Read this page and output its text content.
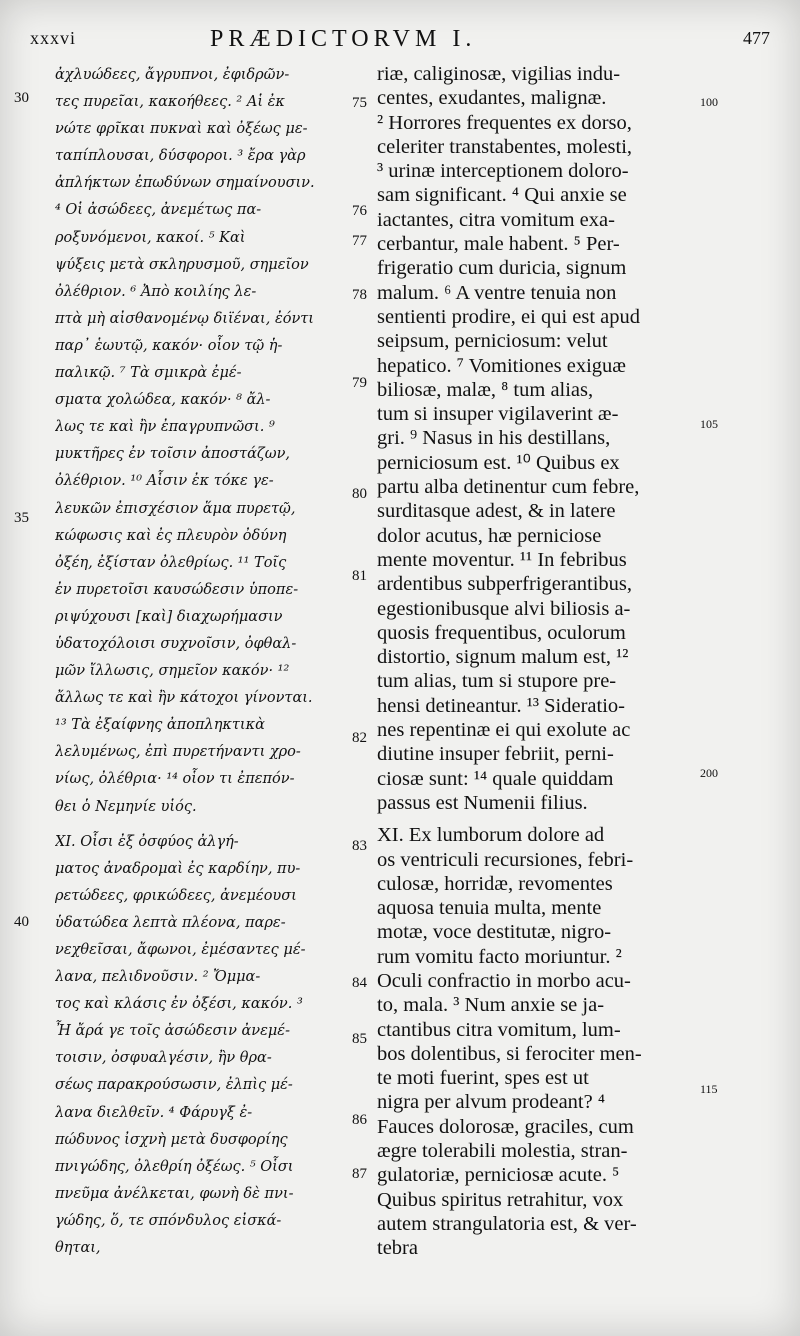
xxxvi	PRÆDICTORVM I.	477
ἀχλυώδεες, ἄγρυπνοι, ἐφιδρῶν-
τες πυρεῖαι, κακοήθεες. ² Αἱ ἐκ
νώτε φρῖκαι πυκναὶ καὶ ὀξέως με-
ταπίπλουσαι, δύσφοροι. ³ ἔρα γὰρ
ἀπλήκτων ἐπωδύνων σημαίνουσιν.
⁴ Οἱ ἀσώδεες, ἀνεμέτως πα-
ροξυνόμενοι, κακοί. ⁵ Καὶ
ψύξεις μετὰ σκληρυσμοῦ, σημεῖον
ὀλέθριον. ⁶ Ἀπὸ κοιλίης λε-
πτὰ μὴ αἰσθανομένῳ διϊέναι, ἐόντι
παρ᾽ ἑωυτῷ, κακόν· οἷον τῷ ἡ-
παλικῷ. ⁷ Τὰ σμικρὰ ἐμέ-
σματα χολώδεα, κακόν· ⁸ ἄλ-
λως τε καὶ ἢν ἐπαγρυπνῶσι. ⁹
μυκτῆρες ἐν τοῖσιν ἀποστάζων,
ὀλέθριον. ¹⁰ Αἷσιν ἐκ τόκε γε-
λευκῶν ἐπισχέσιον ἅμα πυρετῷ,
κώφωσις καὶ ἐς πλευρὸν ὀδύνη
ὀξέη, ἐξίσταν ὀλεθρίως. ¹¹ Τοῖς
ἐν πυρετοῖσι καυσώδεσιν ὑποπε-
ριψύχουσι [καὶ] διαχωρήμασιν
ὑδατοχόλοισι συχνοῖσιν, ὀφθαλ-
μῶν ἴλλωσις, σημεῖον κακόν· ¹²
ἄλλως τε καὶ ἢν κάτοχοι γίνονται.
¹³ Τὰ ἐξαίφνης ἀποπληκτικὰ
λελυμένως, ἐπὶ πυρετήναντι χρο-
νίως, ὀλέθρια· ¹⁴ οἷον τι ἐπεπόν-
θει ὁ Νεμηνίε υἱός.
XI. Οἷσι ἐξ ὀσφύος ἀλγή-
ματος ἀναδρομαὶ ἐς καρδίην, πυ-
ρετώδεες, φρικώδεες, ἀνεμέουσι
ὑδατώδεα λεπτὰ πλέονα, παρε-
νεχθεῖσαι, ἄφωνοι, ἐμέσαντες μέ-
λανα, πελιδνοῦσιν. ² Ὄμμα-
τος καὶ κλάσις ἐν ὀξέσι, κακόν. ³
Ἦ ἄρά γε τοῖς ἀσώδεσιν ἀνεμέ-
τοισιν, ὀσφυαλγέσιν, ἢν θρα-
σέως παρακρούσωσιν, ἐλπὶς μέ-
λανα διελθεῖν. ⁴ Φάρυγξ ἐ-
πώδυνος ἰσχνὴ μετὰ δυσφορίης
πνιγώδης, ὀλεθρίη ὀξέως. ⁵ Οἷσι
πνεῦμα ἀνέλκεται, φωνὴ δὲ πνι-
γώδης, ὅ, τε σπόνδυλος εἰσκά-
θηται,
riæ, caliginosæ, vigilias indu-
centes, exudantes, malignæ.
² Horrores frequentes ex dorso,
celeriter transtabentes, molesti,
³ urinæ interceptionem doloro-
sam significant. ⁴ Qui anxie se
iactantes, citra vomitum exa-
cerbantur, male habent. ⁵ Per-
frigeratio cum duricia, signum
malum. ⁶ A ventre tenuia non
sentienti prodire, ei qui est apud
seipsum, perniciosum: velut
hepatico. ⁷ Vomitiones exiguæ
biliosæ, malæ, ⁸ tum alias,
tum si insuper vigilaverint æ-
gri. ⁹ Nasus in his destillans,
perniciosum est. ¹⁰ Quibus ex
partu alba detinentur cum febre,
surditasque adest, & in latere
dolor acutus, hæ perniciose
mente moventur. ¹¹ In febribus
ardentibus subperfrigerantibus,
egestionibusque alvi biliosis a-
quosis frequentibus, oculorum
distortio, signum malum est, ¹²
tum alias, tum si stupore pre-
hensi detineantur. ¹³ Sideratio-
nes repentinæ ei qui exolute ac
diutine insuper febriit, perni-
ciosæ sunt: ¹⁴ quale quiddam
passus est Numenii filius.
XI. Ex lumborum dolore ad
os ventriculi recursiones, febri-
culosæ, horridæ, revomentes
aquosa tenuia multa, mente
motæ, voce destitutæ, nigro-
rum vomitu facto moriuntur. ²
Oculi confractio in morbo acu-
to, mala. ³ Num anxie se ja-
ctantibus citra vomitum, lum-
bos dolentibus, si ferociter men-
te moti fuerint, spes est ut
nigra per alvum prodeant? ⁴
Fauces dolorosæ, graciles, cum
ægre tolerabili molestia, stran-
gulatoriæ, perniciosæ acute. ⁵
Quibus spiritus retrahitur, vox
autem strangulatoria est, & ver-
tebra
30
35
40
75
76
77
78
79
80
81
82
83
84
85
86
87
100
105
200
115
